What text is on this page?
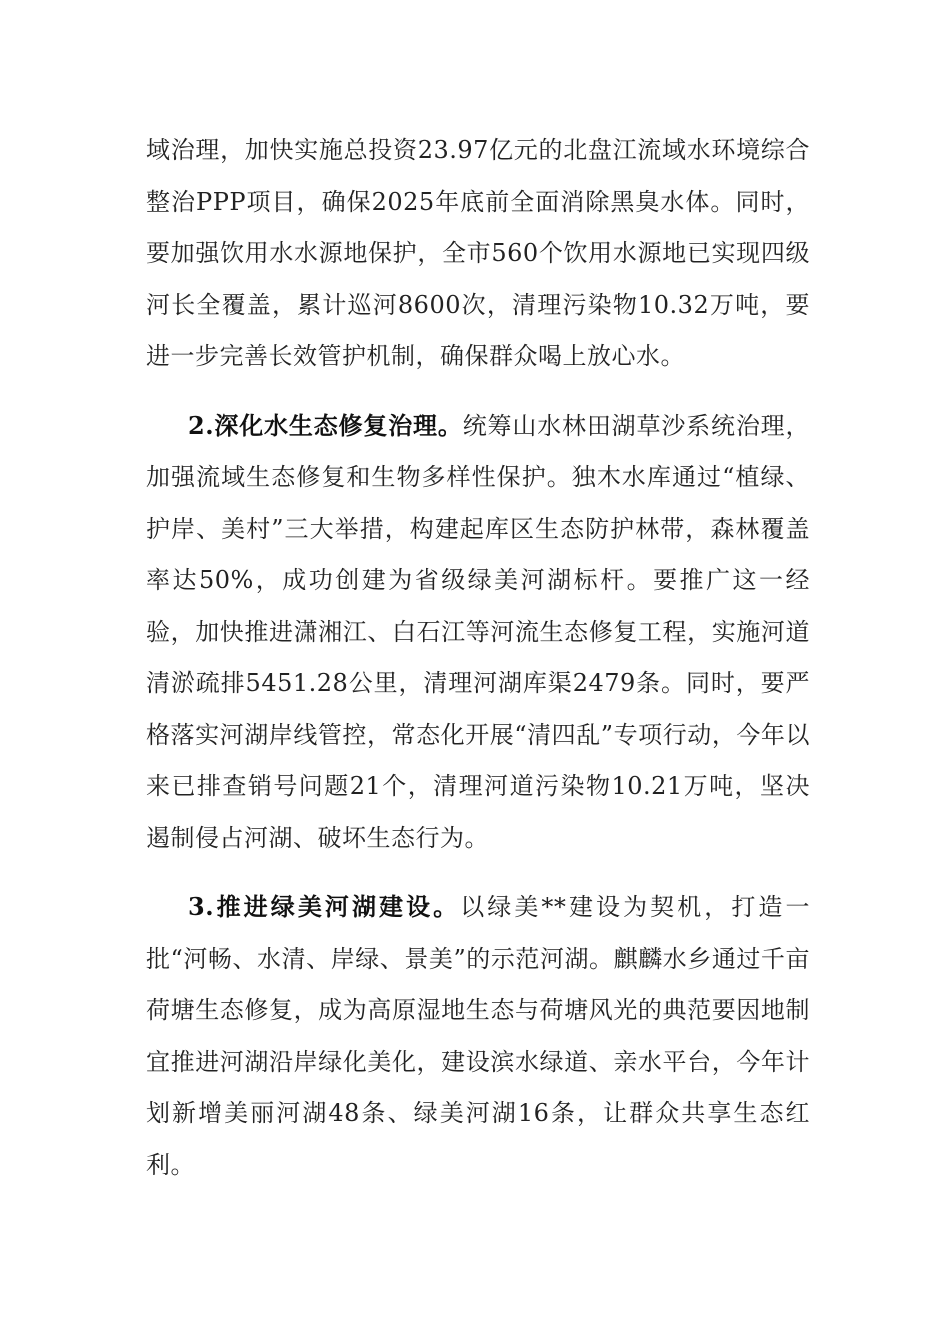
域治理，加快实施总投资23.97亿元的北盘江流域水环境综合整治PPP项目，确保2025年底前全面消除黑臭水体。同时，要加强饮用水水源地保护，全市560个饮用水源地已实现四级河长全覆盖，累计巡河8600次，清理污染物10.32万吨，要进一步完善长效管护机制，确保群众喝上放心水。

2.深化水生态修复治理。统筹山水林田湖草沙系统治理，加强流域生态修复和生物多样性保护。独木水库通过“植绿、护岸、美村”三大举措，构建起库区生态防护林带，森林覆盖率达50%，成功创建为省级绿美河湖标杆。要推广这一经验，加快推进潇湘江、白石江等河流生态修复工程，实施河道清淤疏排5451.28公里，清理河湖库渠2479条。同时，要严格落实河湖岸线管控，常态化开展“清四乱”专项行动，今年以来已排查销号问题21个，清理河道污染物10.21万吨，坚决遏制侵占河湖、破坏生态行为。

3.推进绿美河湖建设。以绿美**建设为契机，打造一批“河畅、水清、岸绿、景美”的示范河湖。麒麟水乡通过千亩荷塘生态修复，成为高原湿地生态与荷塘风光的典范要因地制宜推进河湖沿岸绿化美化，建设滨水绿道、亲水平台，今年计划新增美丽河湖48条、绿美河湖16条，让群众共享生态红利。
